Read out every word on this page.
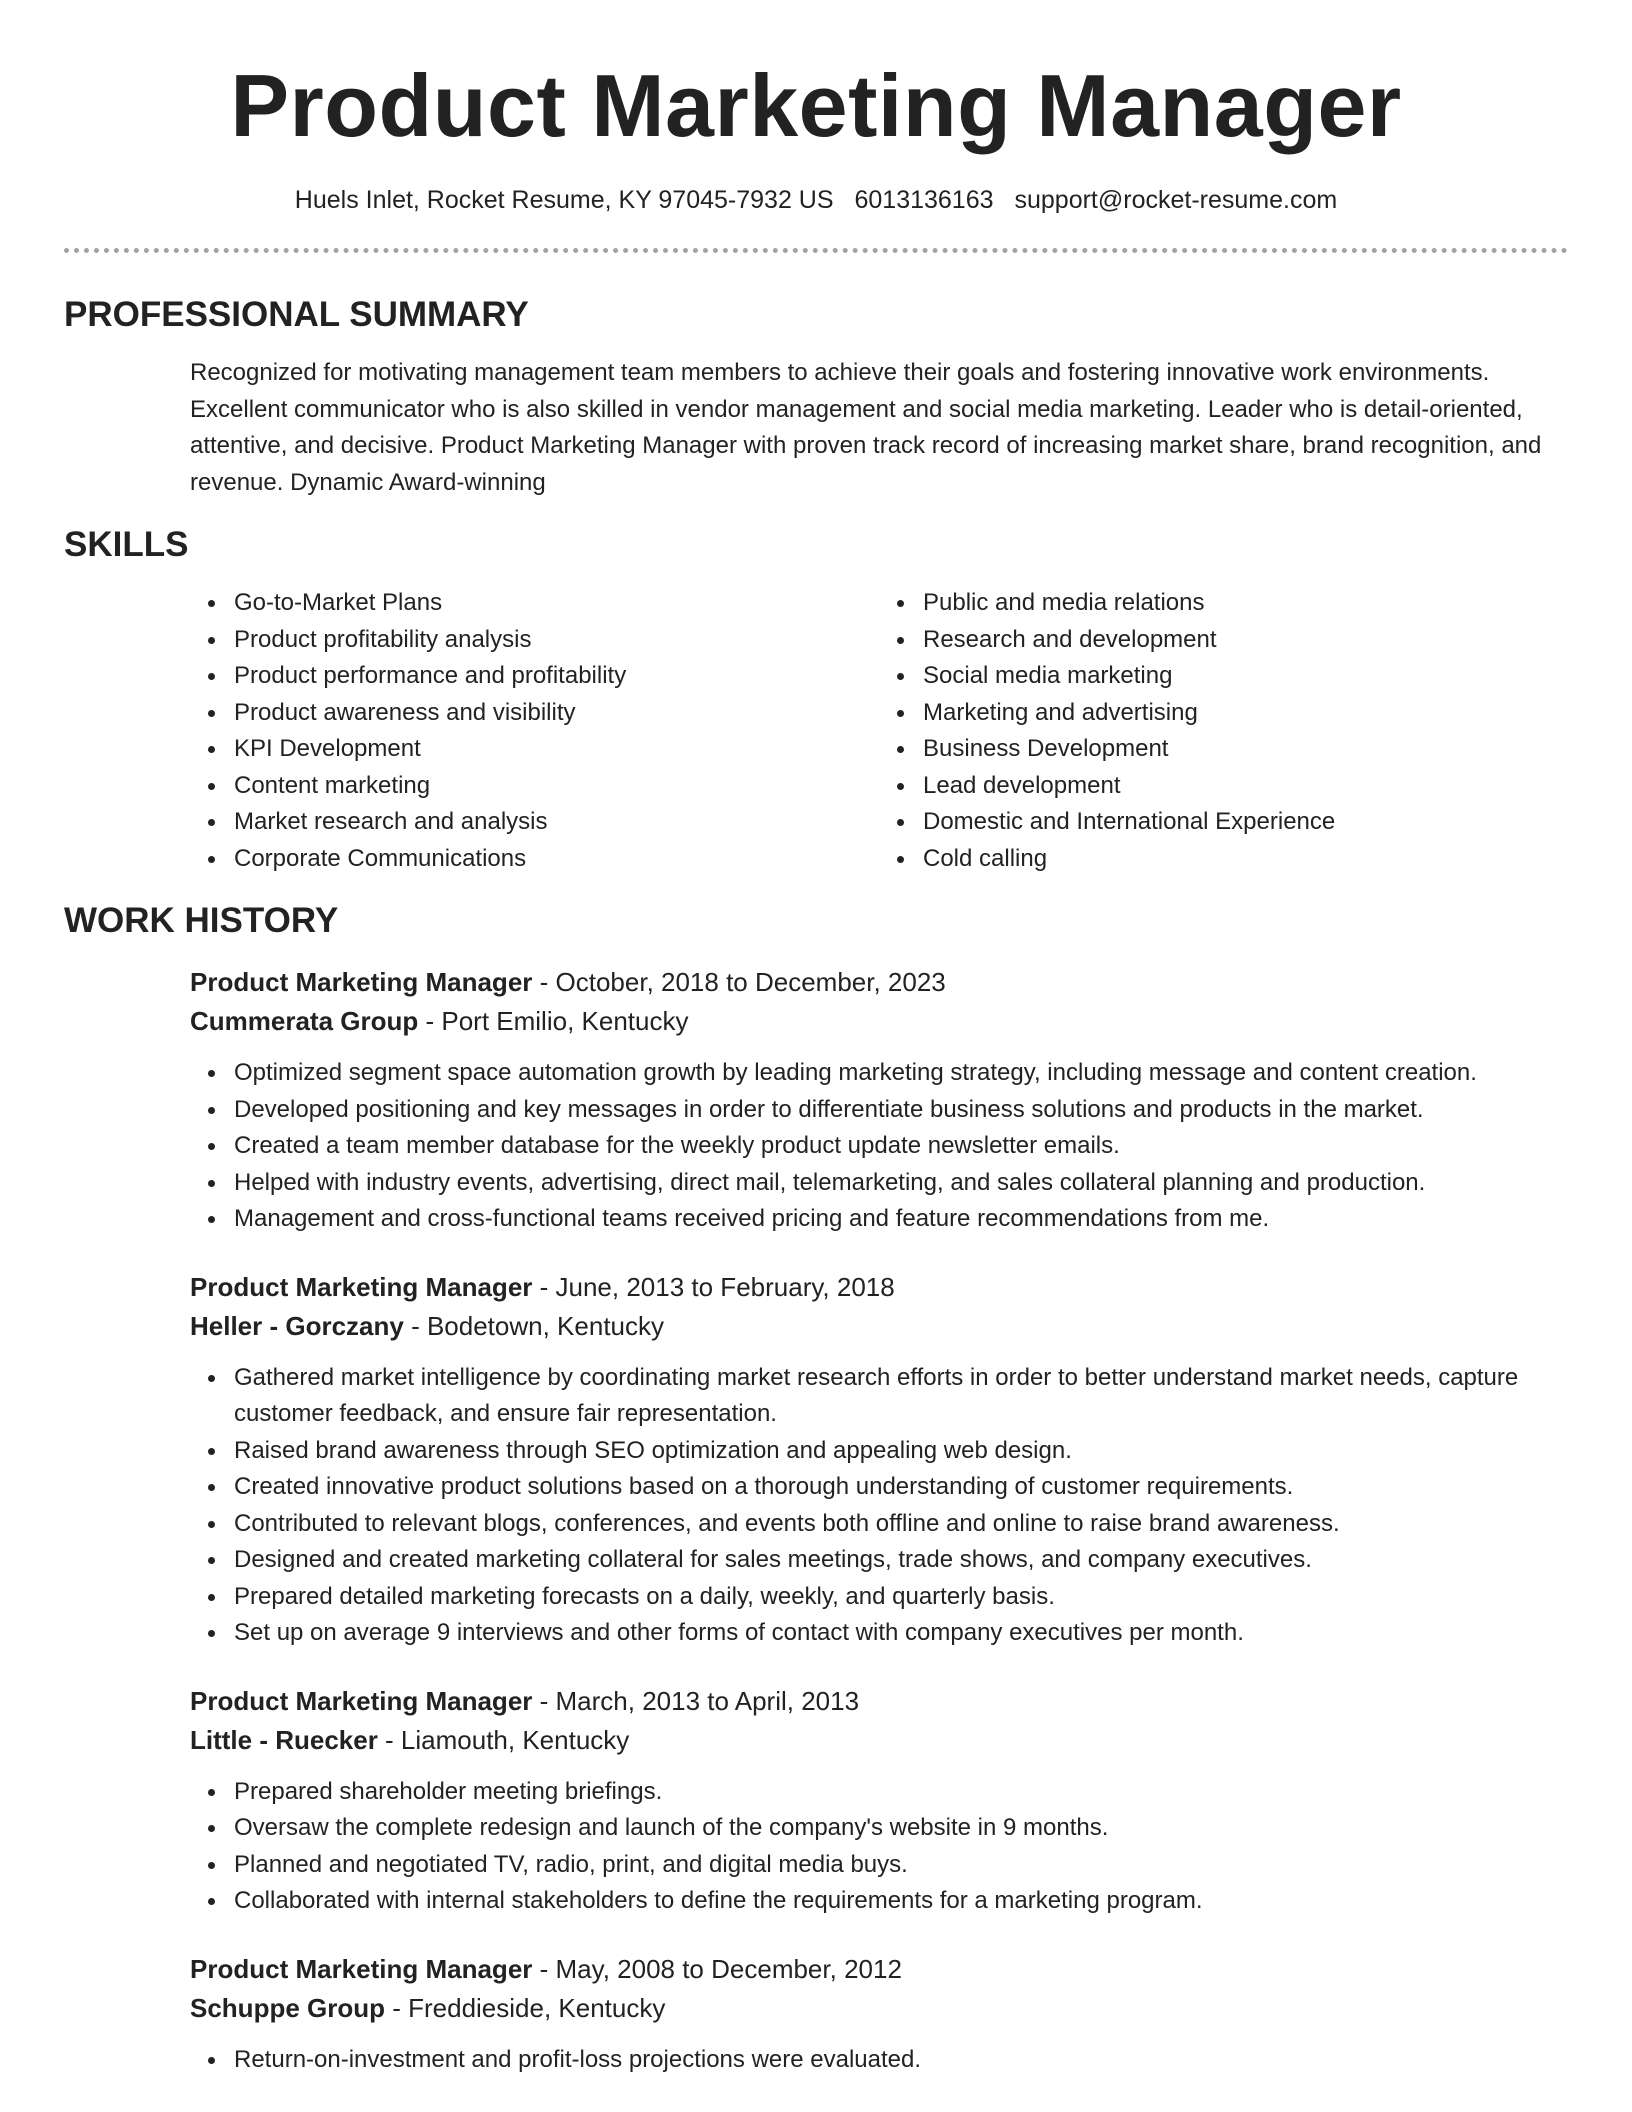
Product Marketing Manager
Huels Inlet, Rocket Resume, KY 97045-7932 US 6013136163 support@rocket-resume.com
PROFESSIONAL SUMMARY

Recognized for motivating management team members to achieve their goals and fostering innovative work environments. Excellent communicator who is also skilled in vendor management and social media marketing. Leader who is detail-oriented, attentive, and decisive. Product Marketing Manager with proven track record of increasing market share, brand recognition, and revenue. Dynamic Award-winning

SKILLS
Go-to-Market Plans
Product profitability analysis
Product performance and profitability
Product awareness and visibility
KPI Development
Content marketing
Market research and analysis
Corporate Communications
Public and media relations
Research and development
Social media marketing
Marketing and advertising
Business Development
Lead development
Domestic and International Experience
Cold calling
WORK HISTORY
Product Marketing Manager - October, 2018 to December, 2023
Cummerata Group - Port Emilio, Kentucky
Optimized segment space automation growth by leading marketing strategy, including message and content creation.
Developed positioning and key messages in order to differentiate business solutions and products in the market.
Created a team member database for the weekly product update newsletter emails.
Helped with industry events, advertising, direct mail, telemarketing, and sales collateral planning and production.
Management and cross-functional teams received pricing and feature recommendations from me.
Product Marketing Manager - June, 2013 to February, 2018
Heller - Gorczany - Bodetown, Kentucky
Gathered market intelligence by coordinating market research efforts in order to better understand market needs, capture customer feedback, and ensure fair representation.
Raised brand awareness through SEO optimization and appealing web design.
Created innovative product solutions based on a thorough understanding of customer requirements.
Contributed to relevant blogs, conferences, and events both offline and online to raise brand awareness.
Designed and created marketing collateral for sales meetings, trade shows, and company executives.
Prepared detailed marketing forecasts on a daily, weekly, and quarterly basis.
Set up on average 9 interviews and other forms of contact with company executives per month.
Product Marketing Manager - March, 2013 to April, 2013
Little - Ruecker - Liamouth, Kentucky
Prepared shareholder meeting briefings.
Oversaw the complete redesign and launch of the company's website in 9 months.
Planned and negotiated TV, radio, print, and digital media buys.
Collaborated with internal stakeholders to define the requirements for a marketing program.
Product Marketing Manager - May, 2008 to December, 2012
Schuppe Group - Freddieside, Kentucky
Return-on-investment and profit-loss projections were evaluated.
